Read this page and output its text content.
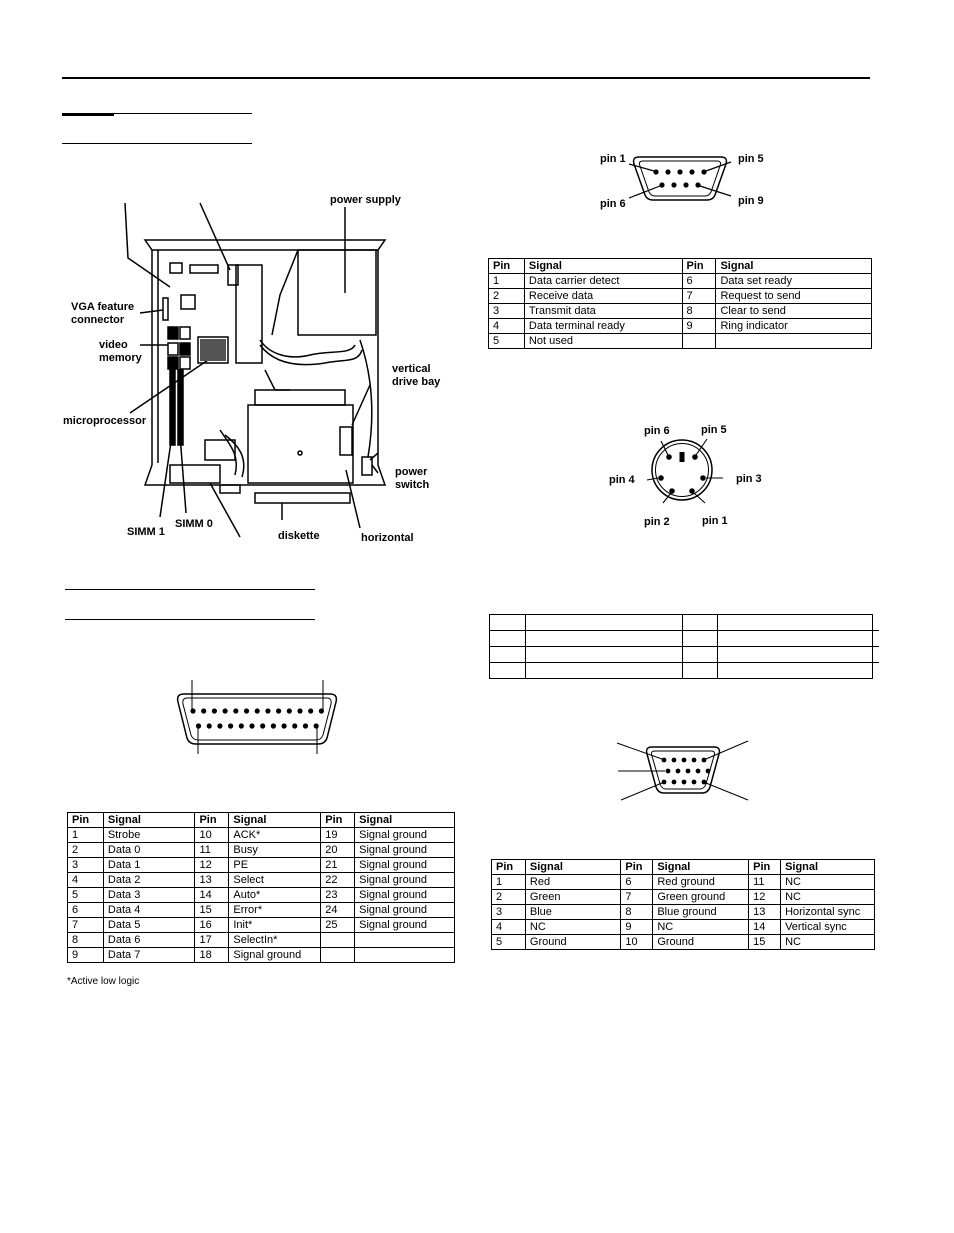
power supply
VGA feature
connector
video
memory
microprocessor
vertical
drive bay
power
switch
SIMM 1
SIMM 0
diskette	horizontal
pin 1	pin 5
pin 6	pin 9
Pin	Signal	Pin	Signal
1	Data carrier detect	6	Data set ready
2	Receive data	7	Request to send
3	Transmit data	8	Clear to send
4	Data terminal ready	9	Ring indicator
5	Not used		
pin 6	pin 5
pin 4	pin 3
pin 2	pin 1
Pin	Signal	Pin	Signal	Pin	Signal
1	Red	6	Red ground	11	NC
2	Green	7	Green ground	12	NC
3	Blue	8	Blue ground	13	Horizontal sync
4	NC	9	NC	14	Vertical sync
5	Ground	10	Ground	15	NC
Pin	Signal	Pin	Signal	Pin	Signal
1	Strobe	10	ACK*	19	Signal ground
2	Data 0	11	Busy	20	Signal ground
3	Data 1	12	PE	21	Signal ground
4	Data 2	13	Select	22	Signal ground
5	Data 3	14	Auto*	23	Signal ground
6	Data 4	15	Error*	24	Signal ground
7	Data 5	16	Init*	25	Signal ground
8	Data 6	17	SelectIn*		
9	Data 7	18	Signal ground		
*Active low logic
